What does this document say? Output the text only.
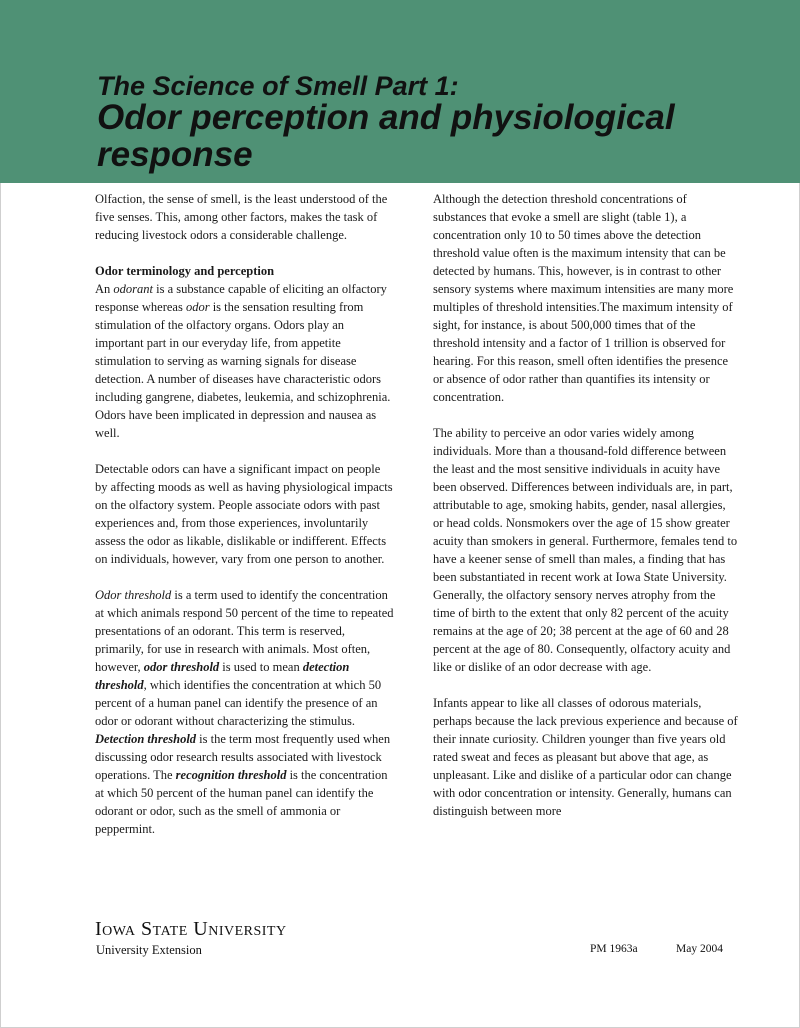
The Science of Smell Part 1:
Odor perception and physiological response

Olfaction, the sense of smell, is the least understood of the five senses. This, among other factors, makes the task of reducing livestock odors a considerable challenge.

Odor terminology and perception

An odorant is a substance capable of eliciting an olfactory response whereas odor is the sensation resulting from stimulation of the olfactory organs. Odors play an important part in our everyday life, from appetite stimulation to serving as warning signals for disease detection. A number of diseases have characteristic odors including gangrene, diabetes, leukemia, and schizophrenia. Odors have been implicated in depression and nausea as well.

Detectable odors can have a significant impact on people by affecting moods as well as having physiological impacts on the olfactory system. People associate odors with past experiences and, from those experiences, involuntarily assess the odor as likable, dislikable or indifferent. Effects on individuals, however, vary from one person to another.

Odor threshold is a term used to identify the concentration at which animals respond 50 percent of the time to repeated presentations of an odorant. This term is reserved, primarily, for use in research with animals. Most often, however, odor threshold is used to mean detection threshold, which identifies the concentration at which 50 percent of a human panel can identify the presence of an odor or odorant without characterizing the stimulus. Detection threshold is the term most frequently used when discussing odor research results associated with livestock operations. The recognition threshold is the concentration at which 50 percent of the human panel can identify the odorant or odor, such as the smell of ammonia or peppermint.

Although the detection threshold concentrations of substances that evoke a smell are slight (table 1), a concentration only 10 to 50 times above the detection threshold value often is the maximum intensity that can be detected by humans. This, however, is in contrast to other sensory systems where maximum intensities are many more multiples of threshold intensities.The maximum intensity of sight, for instance, is about 500,000 times that of the threshold intensity and a factor of 1 trillion is observed for hearing. For this reason, smell often identifies the presence or absence of odor rather than quantifies its intensity or concentration.

The ability to perceive an odor varies widely among individuals. More than a thousand-fold difference between the least and the most sensitive individuals in acuity have been observed. Differences between individuals are, in part, attributable to age, smoking habits, gender, nasal allergies, or head colds. Nonsmokers over the age of 15 show greater acuity than smokers in general. Furthermore, females tend to have a keener sense of smell than males, a finding that has been substantiated in recent work at Iowa State University. Generally, the olfactory sensory nerves atrophy from the time of birth to the extent that only 82 percent of the acuity remains at the age of 20; 38 percent at the age of 60 and 28 percent at the age of 80. Consequently, olfactory acuity and like or dislike of an odor decrease with age.

Infants appear to like all classes of odorous materials, perhaps because the lack previous experience and because of their innate curiosity. Children younger than five years old rated sweat and feces as pleasant but above that age, as unpleasant. Like and dislike of a particular odor can change with odor concentration or intensity. Generally, humans can distinguish between more

Iowa State University
University Extension	PM 1963a	May 2004
